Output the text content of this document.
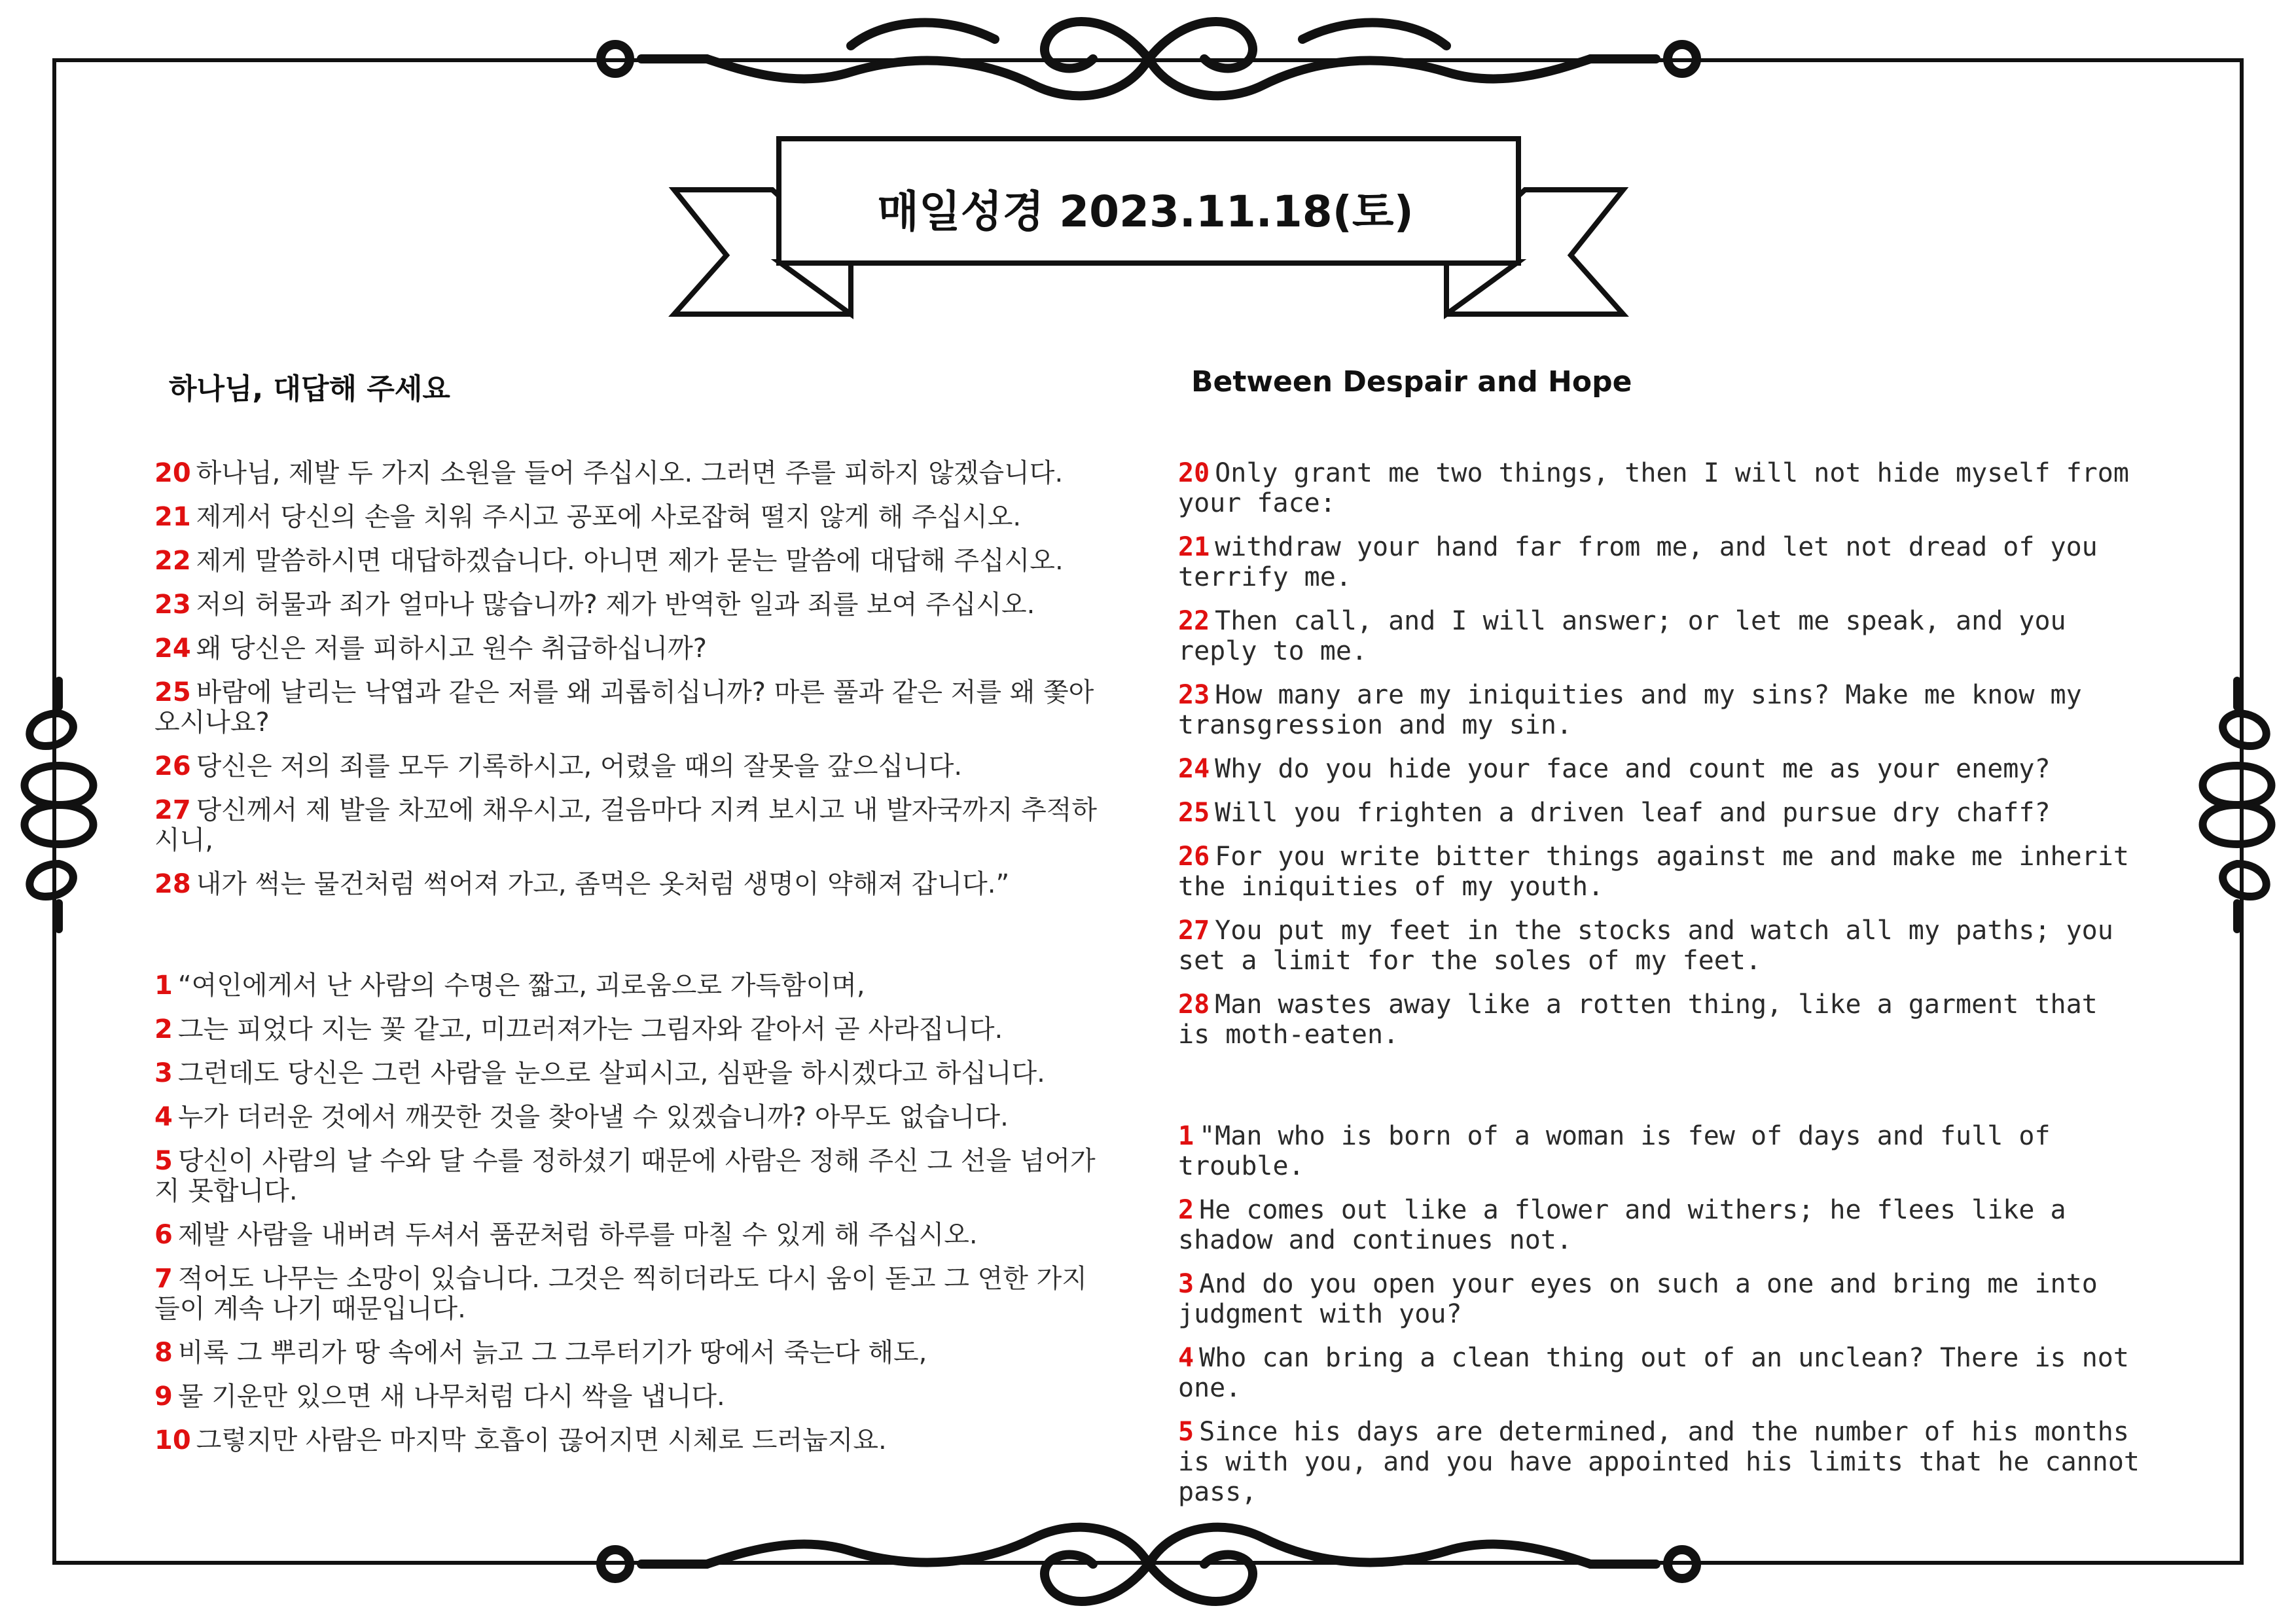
매일성경 2023.11.18(토)
하나님, 대답해 주세요	Between Despair and Hope

20 하나님, 제발 두 가지 소원을 들어 주십시오. 그러면 주를 피하지 않겠습니다.

21 제게서 당신의 손을 치워 주시고 공포에 사로잡혀 떨지 않게 해 주십시오.

22 제게 말씀하시면 대답하겠습니다. 아니면 제가 묻는 말씀에 대답해 주십시오.

23 저의 허물과 죄가 얼마나 많습니까? 제가 반역한 일과 죄를 보여 주십시오.

24 왜 당신은 저를 피하시고 원수 취급하십니까?

25 바람에 날리는 낙엽과 같은 저를 왜 괴롭히십니까? 마른 풀과 같은 저를 왜 쫓아오시나요?

26 당신은 저의 죄를 모두 기록하시고, 어렸을 때의 잘못을 갚으십니다.

27 당신께서 제 발을 차꼬에 채우시고, 걸음마다 지켜 보시고 내 발자국까지 추적하시니,

28 내가 썩는 물건처럼 썩어져 가고, 좀먹은 옷처럼 생명이 약해져 갑니다.”

1 “여인에게서 난 사람의 수명은 짧고, 괴로움으로 가득함이며,

2 그는 피었다 지는 꽃 같고, 미끄러져가는 그림자와 같아서 곧 사라집니다.

3 그런데도 당신은 그런 사람을 눈으로 살피시고, 심판을 하시겠다고 하십니다.

4 누가 더러운 것에서 깨끗한 것을 찾아낼 수 있겠습니까? 아무도 없습니다.

5 당신이 사람의 날 수와 달 수를 정하셨기 때문에 사람은 정해 주신 그 선을 넘어가지 못합니다.

6 제발 사람을 내버려 두셔서 품꾼처럼 하루를 마칠 수 있게 해 주십시오.

7 적어도 나무는 소망이 있습니다. 그것은 찍히더라도 다시 움이 돋고 그 연한 가지들이 계속 나기 때문입니다.

8 비록 그 뿌리가 땅 속에서 늙고 그 그루터기가 땅에서 죽는다 해도,

9 물 기운만 있으면 새 나무처럼 다시 싹을 냅니다.

10 그렇지만 사람은 마지막 호흡이 끊어지면 시체로 드러눕지요.

20 Only grant me two things, then I will not hide myself from your face:

21 withdraw your hand far from me, and let not dread of you terrify me.

22 Then call, and I will answer; or let me speak, and you reply to me.

23 How many are my iniquities and my sins? Make me know my transgression and my sin.

24 Why do you hide your face and count me as your enemy?

25 Will you frighten a driven leaf and pursue dry chaff?

26 For you write bitter things against me and make me inherit the iniquities of my youth.

27 You put my feet in the stocks and watch all my paths; you set a limit for the soles of my feet.

28 Man wastes away like a rotten thing, like a garment that is moth-eaten.

1 "Man who is born of a woman is few of days and full of trouble.

2 He comes out like a flower and withers; he flees like a shadow and continues not.

3 And do you open your eyes on such a one and bring me into judgment with you?

4 Who can bring a clean thing out of an unclean? There is not one.

5 Since his days are determined, and the number of his months is with you, and you have appointed his limits that he cannot pass,
